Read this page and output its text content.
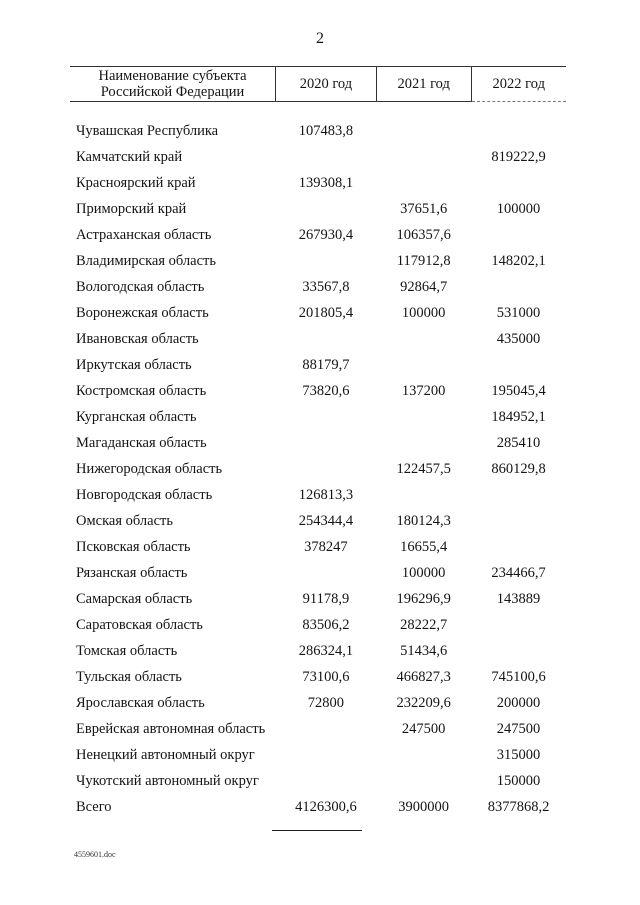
2
Наименование субъекта Российской Федерации	2020 год	2021 год	2022 год

Чувашская Республика	107483,8		
Камчатский край			819222,9
Красноярский край	139308,1		
Приморский край		37651,6	100000
Астраханская область	267930,4	106357,6	
Владимирская область		117912,8	148202,1
Вологодская область	33567,8	92864,7	
Воронежская область	201805,4	100000	531000
Ивановская область			435000
Иркутская область	88179,7		
Костромская область	73820,6	137200	195045,4
Курганская область			184952,1
Магаданская область			285410
Нижегородская область		122457,5	860129,8
Новгородская область	126813,3		
Омская область	254344,4	180124,3	
Псковская область	378247	16655,4	
Рязанская область		100000	234466,7
Самарская область	91178,9	196296,9	143889
Саратовская область	83506,2	28222,7	
Томская область	286324,1	51434,6	
Тульская область	73100,6	466827,3	745100,6
Ярославская область	72800	232209,6	200000
Еврейская автономная область		247500	247500
Ненецкий автономный округ			315000
Чукотский автономный округ			150000
Всего	4126300,6	3900000	8377868,2
4559601.doc
